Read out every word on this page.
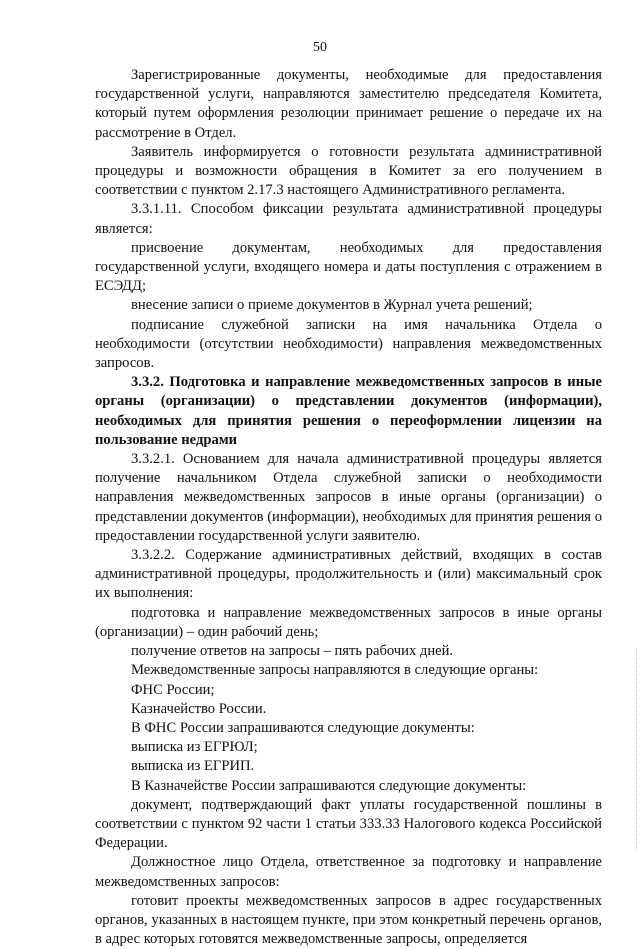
50

Зарегистрированные документы, необходимые для предоставления государственной услуги, направляются заместителю председателя Комитета, который путем оформления резолюции принимает решение о передаче их на рассмотрение в Отдел.

Заявитель информируется о готовности результата административной процедуры и возможности обращения в Комитет за его получением в соответствии с пунктом 2.17.3 настоящего Административного регламента.

3.3.1.11. Способом фиксации результата административной процедуры является:

присвоение документам, необходимых для предоставления государственной услуги, входящего номера и даты поступления с отражением в ЕСЭДД;

внесение записи о приеме документов в Журнал учета решений;

подписание служебной записки на имя начальника Отдела о необходимости (отсутствии необходимости) направления межведомственных запросов.

3.3.2. Подготовка и направление межведомственных запросов в иные органы (организации) о представлении документов (информации), необходимых для принятия решения о переоформлении лицензии на пользование недрами

3.3.2.1. Основанием для начала административной процедуры является получение начальником Отдела служебной записки о необходимости направления межведомственных запросов в иные органы (организации) о представлении документов (информации), необходимых для принятия решения о предоставлении государственной услуги заявителю.

3.3.2.2. Содержание административных действий, входящих в состав административной процедуры, продолжительность и (или) максимальный срок их выполнения:

подготовка и направление межведомственных запросов в иные органы (организации) – один рабочий день;

получение ответов на запросы – пять рабочих дней.

Межведомственные запросы направляются в следующие органы:

ФНС России;

Казначейство России.

В ФНС России запрашиваются следующие документы:

выписка из ЕГРЮЛ;

выписка из ЕГРИП.

В Казначействе России запрашиваются следующие документы:

документ, подтверждающий факт уплаты государственной пошлины в соответствии с пунктом 92 части 1 статьи 333.33 Налогового кодекса Российской Федерации.

Должностное лицо Отдела, ответственное за подготовку и направление межведомственных запросов:

готовит проекты межведомственных запросов в адрес государственных органов, указанных в настоящем пункте, при этом конкретный перечень органов, в адрес которых готовятся межведомственные запросы, определяется
